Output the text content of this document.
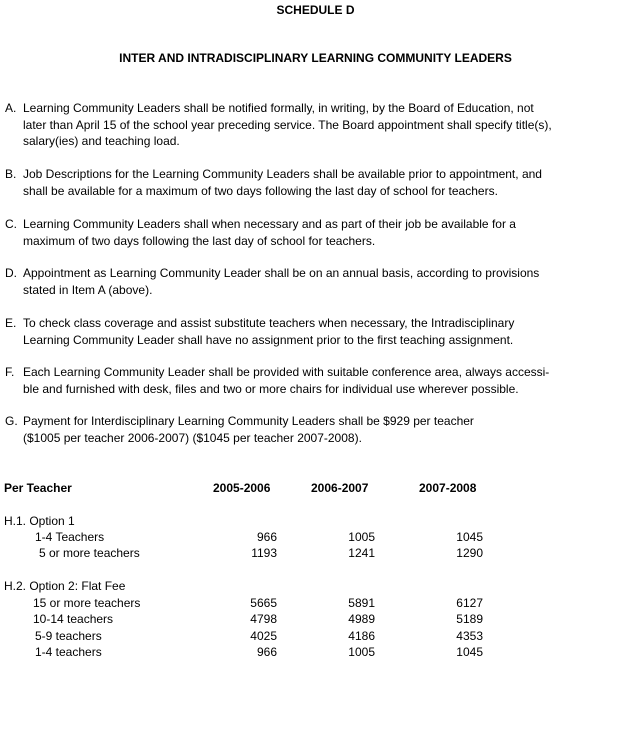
SCHEDULE D
INTER AND INTRADISCIPLINARY LEARNING COMMUNITY LEADERS
A. Learning Community Leaders shall be notified formally, in writing, by the Board of Education, not
later than April 15 of the school year preceding service. The Board appointment shall specify title(s),
salary(ies) and teaching load.
B. Job Descriptions for the Learning Community Leaders shall be available prior to appointment, and
shall be available for a maximum of two days following the last day of school for teachers.
C. Learning Community Leaders shall when necessary and as part of their job be available for a
maximum of two days following the last day of school for teachers.
D. Appointment as Learning Community Leader shall be on an annual basis, according to provisions
stated in Item A (above).
E. To check class coverage and assist substitute teachers when necessary, the Intradisciplinary
Learning Community Leader shall have no assignment prior to the first teaching assignment.
F. Each Learning Community Leader shall be provided with suitable conference area, always accessi-
ble and furnished with desk, files and two or more chairs for individual use wherever possible.
G. Payment for Interdisciplinary Learning Community Leaders shall be $929 per teacher
($1005 per teacher 2006-2007) ($1045 per teacher 2007-2008).
Per Teacher	2005-2006	2006-2007	2007-2008
H.1. Option 1
1-4 Teachers	966	1005	1045
5 or more teachers	1193	1241	1290
H.2. Option 2: Flat Fee
15 or more teachers	5665	5891	6127
10-14 teachers	4798	4989	5189
5-9 teachers	4025	4186	4353
1-4 teachers	966	1005	1045
